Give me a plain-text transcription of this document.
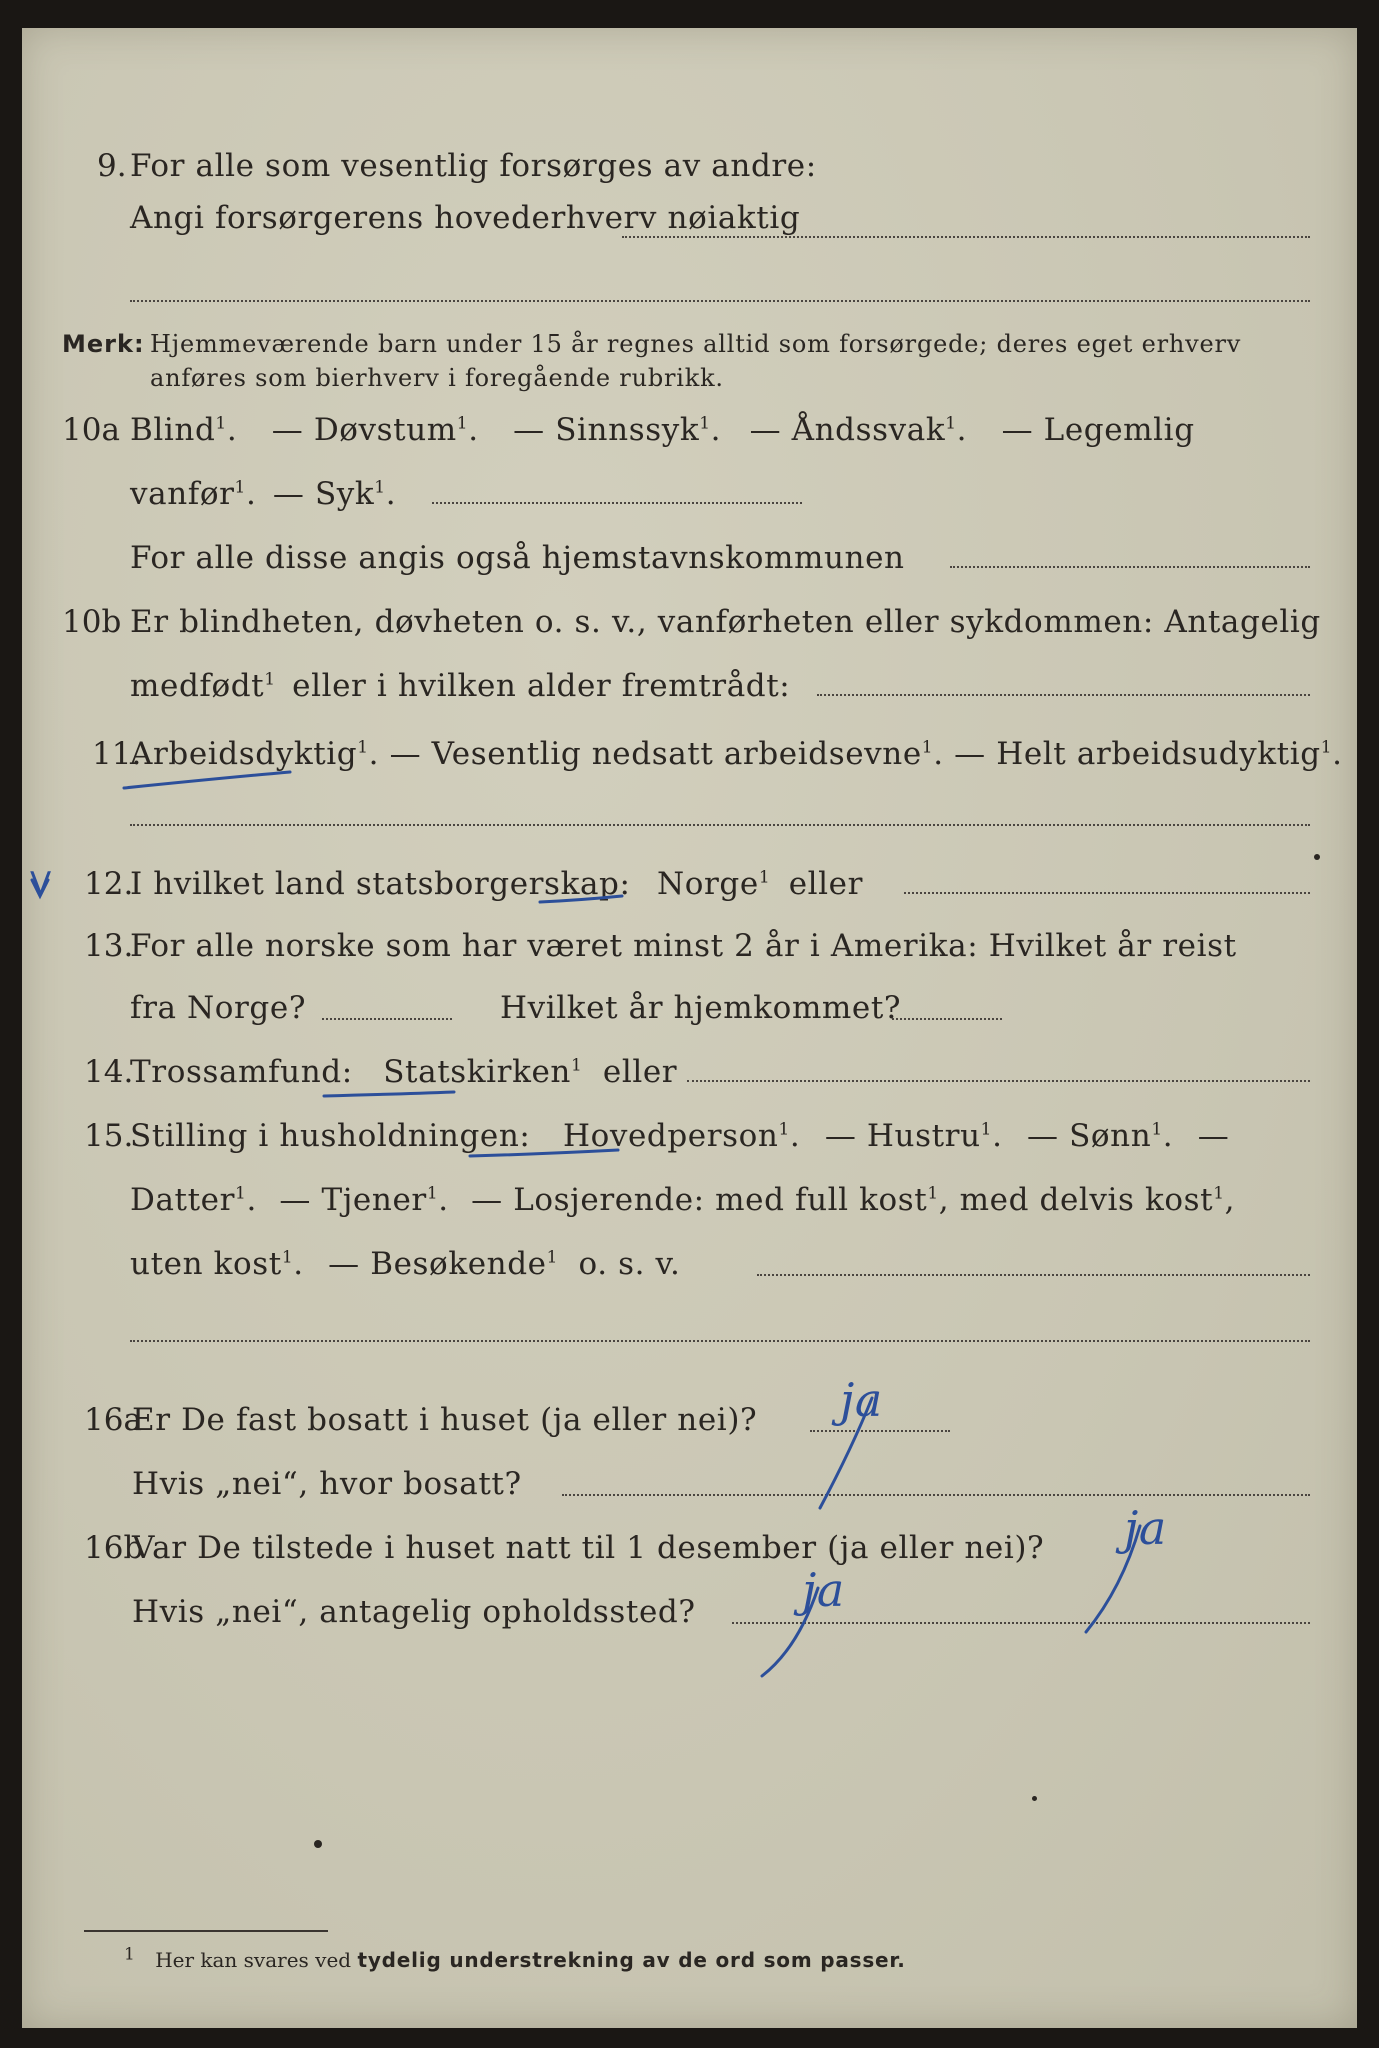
9. For alle som vesentlig forsørges av andre:
Angi forsørgerens hovederhverv nøiaktig
Merk: Hjemmeværende barn under 15 år regnes alltid som forsørgede; deres eget erhverv
anføres som bierhverv i foregående rubrikk.
10a Blind$^1$. — Døvstum$^1$. — Sinnssyk$^1$. — Åndssvak$^1$. — Legemlig
vanfør$^1$. — Syk$^1$.
For alle disse angis også hjemstavnskommunen
10b Er blindheten, døvheten o. s. v., vanførheten eller sykdommen: Antagelig
medfødt$^1$ eller i hvilken alder fremtrådt:
11.
Arbeidsdyktig$^1$. — Vesentlig nedsatt arbeidsevne$^1$. — Helt arbeidsudyktig$^1$.
V 12.
I hvilket land statsborgerskap: Norge$^1$ eller
13.
For alle norske som har været minst 2 år i Amerika: Hvilket år reist
fra Norge?	Hvilket år hjemkommet?
14.
Trossamfund: Statskirken$^1$ eller
15.
Stilling i husholdningen: Hovedperson$^1$. — Hustru$^1$. — Sønn$^1$. —
Datter$^1$. — Tjener$^1$. — Losjerende: med full kost$^1$, med delvis kost$^1$,
uten kost$^1$. — Besøkende$^1$ o. s. v.
16a
Er De fast bosatt i huset (ja eller nei)?
Hvis „nei“, hvor bosatt?
16b
Var De tilstede i huset natt til 1 desember (ja eller nei)?
Hvis „nei“, antagelig opholdssted?
ja
ja
ja
$^1$ Her kan svares ved tydelig understrekning av de ord som passer.
